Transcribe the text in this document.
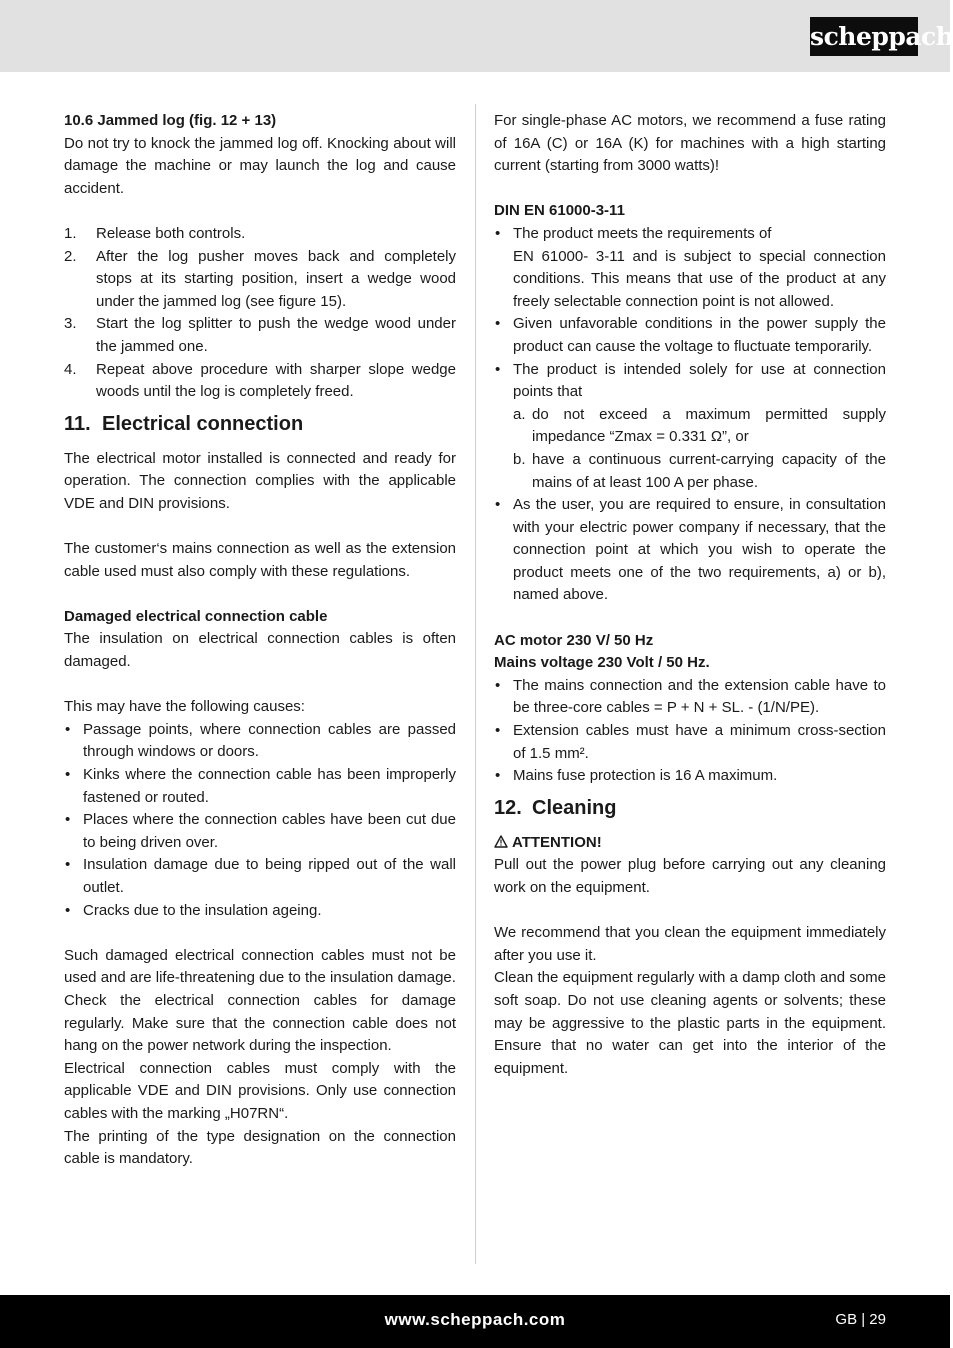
scheppach

10.6 Jammed log (fig. 12 + 13)

Do not try to knock the jammed log off. Knocking about will damage the machine or may launch the log and cause accident.

1. Release both controls.
2. After the log pusher moves back and completely stops at its starting position, insert a wedge wood under the jammed log (see figure 15).
3. Start the log splitter to push the wedge wood under the jammed one.
4. Repeat above procedure with sharper slope wedge woods until the log is completely freed.
11. Electrical connection

The electrical motor installed is connected and ready for operation. The connection complies with the applicable VDE and DIN provisions.

The customer‘s mains connection as well as the extension cable used must also comply with these regulations.

Damaged electrical connection cable

The insulation on electrical connection cables is often damaged.

This may have the following causes:

• Passage points, where connection cables are passed through windows or doors.
• Kinks where the connection cable has been improperly fastened or routed.
• Places where the connection cables have been cut due to being driven over.
• Insulation damage due to being ripped out of the wall outlet.
• Cracks due to the insulation ageing.

Such damaged electrical connection cables must not be used and are life-threatening due to the insulation damage.

Check the electrical connection cables for damage regularly. Make sure that the connection cable does not hang on the power network during the inspection.

Electrical connection cables must comply with the applicable VDE and DIN provisions. Only use connection cables with the marking „H07RN“.

The printing of the type designation on the connection cable is mandatory.

For single-phase AC motors, we recommend a fuse rating of 16A (C) or 16A (K) for machines with a high starting current (starting from 3000 watts)!

DIN EN 61000-3-11

• The product meets the requirements of
EN 61000- 3-11 and is subject to special connection conditions. This means that use of the product at any freely selectable connection point is not allowed.
• Given unfavorable conditions in the power supply the product can cause the voltage to fluctuate temporarily.
• The product is intended solely for use at connection points that
a. do not exceed a maximum permitted supply impedance “Zmax = 0.331 Ω”, or
b. have a continuous current-carrying capacity of the mains of at least 100 A per phase.
• As the user, you are required to ensure, in consultation with your electric power company if necessary, that the connection point at which you wish to operate the product meets one of the two requirements, a) or b), named above.

AC motor 230 V/ 50 Hz

Mains voltage 230 Volt / 50 Hz.

• The mains connection and the extension cable have to be three-core cables = P + N + SL. - (1/N/PE).
• Extension cables must have a minimum cross-section of 1.5 mm².
• Mains fuse protection is 16 A maximum.
12. Cleaning

ATTENTION!

Pull out the power plug before carrying out any cleaning work on the equipment.

We recommend that you clean the equipment immediately after you use it.

Clean the equipment regularly with a damp cloth and some soft soap. Do not use cleaning agents or solvents; these may be aggressive to the plastic parts in the equipment. Ensure that no water can get into the interior of the equipment.

www.scheppach.com	GB | 29
